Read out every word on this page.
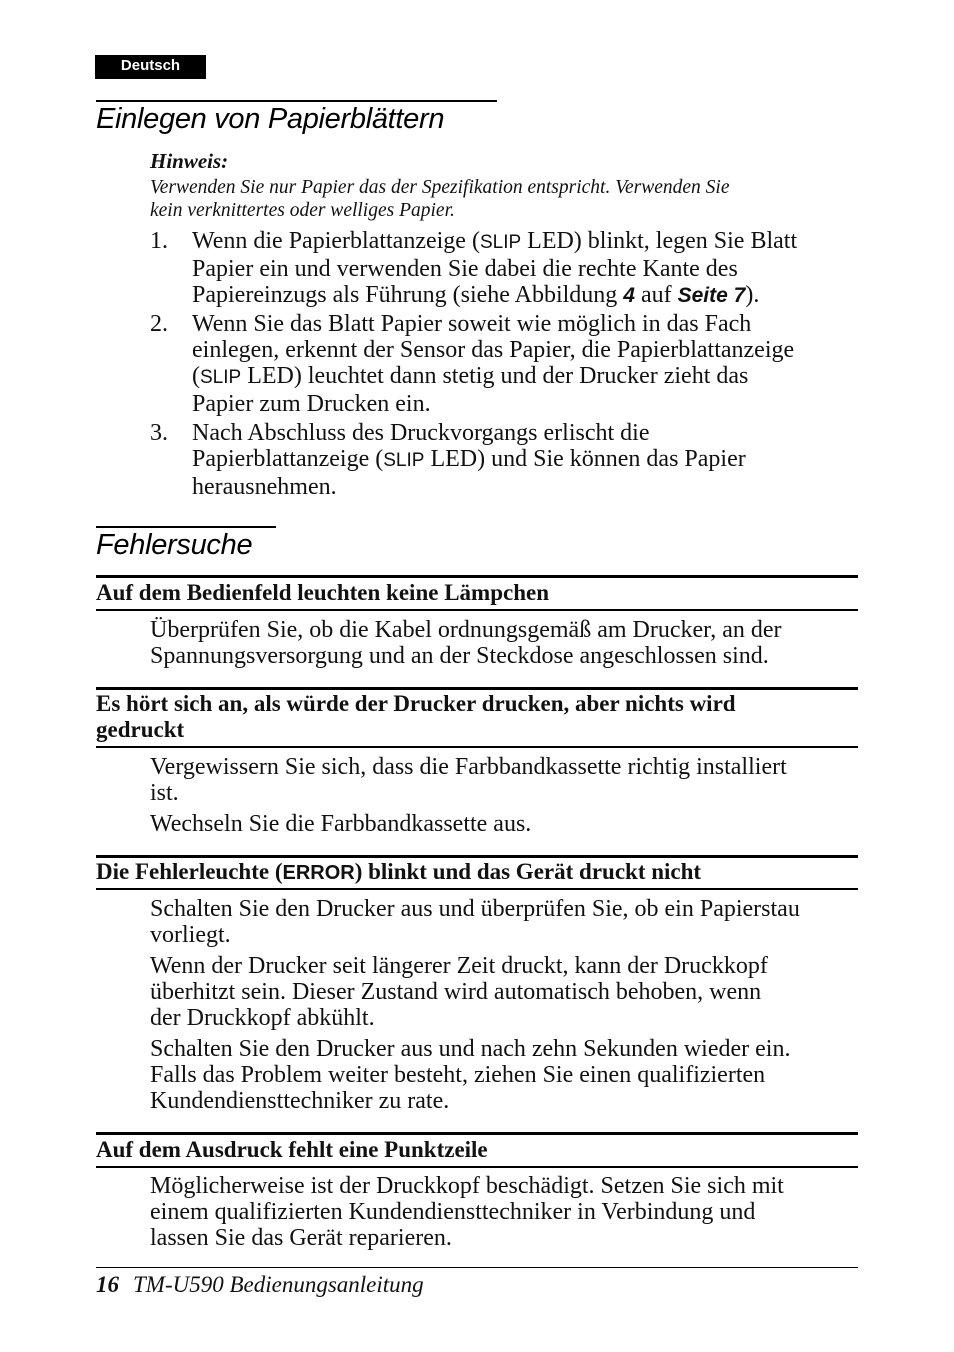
Deutsch
Einlegen von Papierblättern
Hinweis:
Verwenden Sie nur Papier das der Spezifikation entspricht. Verwenden Sie
kein verknittertes oder welliges Papier.
1. Wenn die Papierblattanzeige (SLIP LED) blinkt, legen Sie Blatt
Papier ein und verwenden Sie dabei die rechte Kante des
Papiereinzugs als Führung (siehe Abbildung 4 auf Seite 7).
2. Wenn Sie das Blatt Papier soweit wie möglich in das Fach
einlegen, erkennt der Sensor das Papier, die Papierblattanzeige
(SLIP LED) leuchtet dann stetig und der Drucker zieht das
Papier zum Drucken ein.
3. Nach Abschluss des Druckvorgangs erlischt die
Papierblattanzeige (SLIP LED) und Sie können das Papier
herausnehmen.
Fehlersuche
Auf dem Bedienfeld leuchten keine Lämpchen
Überprüfen Sie, ob die Kabel ordnungsgemäß am Drucker, an der
Spannungsversorgung und an der Steckdose angeschlossen sind.
Es hört sich an, als würde der Drucker drucken, aber nichts wird
gedruckt
Vergewissern Sie sich, dass die Farbbandkassette richtig installiert
ist.
Wechseln Sie die Farbbandkassette aus.
Die Fehlerleuchte (ERROR) blinkt und das Gerät druckt nicht
Schalten Sie den Drucker aus und überprüfen Sie, ob ein Papierstau
vorliegt.
Wenn der Drucker seit längerer Zeit druckt, kann der Druckkopf
überhitzt sein. Dieser Zustand wird automatisch behoben, wenn
der Druckkopf abkühlt.
Schalten Sie den Drucker aus und nach zehn Sekunden wieder ein.
Falls das Problem weiter besteht, ziehen Sie einen qualifizierten
Kundendiensttechniker zu rate.
Auf dem Ausdruck fehlt eine Punktzeile
Möglicherweise ist der Druckkopf beschädigt. Setzen Sie sich mit
einem qualifizierten Kundendiensttechniker in Verbindung und
lassen Sie das Gerät reparieren.
16 TM-U590 Bedienungsanleitung
